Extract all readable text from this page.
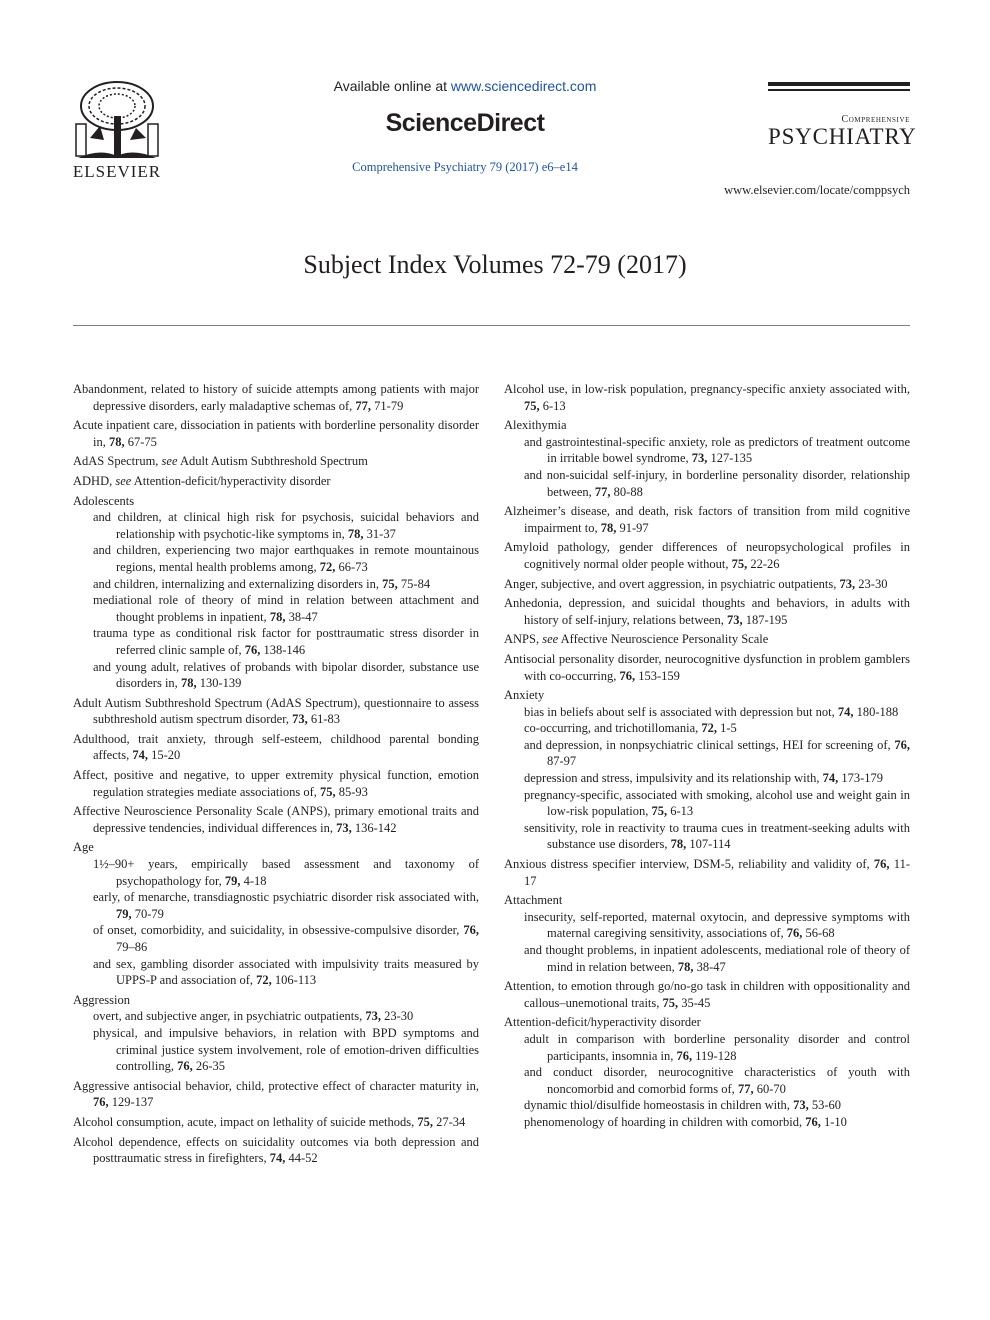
ELSEVIER
Available online at www.sciencedirect.com
ScienceDirect
Comprehensive Psychiatry 79 (2017) e6–e14
Comprehensive
PSYCHIATRY
www.elsevier.com/locate/comppsych
Subject Index Volumes 72-79 (2017)
Abandonment, related to history of suicide attempts among patients with major depressive disorders, early maladaptive schemas of, 77, 71-79
Acute inpatient care, dissociation in patients with borderline personality disorder in, 78, 67-75
AdAS Spectrum, see Adult Autism Subthreshold Spectrum
ADHD, see Attention-deficit/hyperactivity disorder
Adolescents
and children, at clinical high risk for psychosis, suicidal behaviors and relationship with psychotic-like symptoms in, 78, 31-37
and children, experiencing two major earthquakes in remote mountainous regions, mental health problems among, 72, 66-73
and children, internalizing and externalizing disorders in, 75, 75-84
mediational role of theory of mind in relation between attachment and thought problems in inpatient, 78, 38-47
trauma type as conditional risk factor for posttraumatic stress disorder in referred clinic sample of, 76, 138-146
and young adult, relatives of probands with bipolar disorder, substance use disorders in, 78, 130-139
Adult Autism Subthreshold Spectrum (AdAS Spectrum), questionnaire to assess subthreshold autism spectrum disorder, 73, 61-83
Adulthood, trait anxiety, through self-esteem, childhood parental bonding affects, 74, 15-20
Affect, positive and negative, to upper extremity physical function, emotion regulation strategies mediate associations of, 75, 85-93
Affective Neuroscience Personality Scale (ANPS), primary emotional traits and depressive tendencies, individual differences in, 73, 136-142
Age
1½–90+ years, empirically based assessment and taxonomy of psychopathology for, 79, 4-18
early, of menarche, transdiagnostic psychiatric disorder risk associated with, 79, 70-79
of onset, comorbidity, and suicidality, in obsessive-compulsive disorder, 76, 79–86
and sex, gambling disorder associated with impulsivity traits measured by UPPS-P and association of, 72, 106-113
Aggression
overt, and subjective anger, in psychiatric outpatients, 73, 23-30
physical, and impulsive behaviors, in relation with BPD symptoms and criminal justice system involvement, role of emotion-driven difficulties controlling, 76, 26-35
Aggressive antisocial behavior, child, protective effect of character maturity in, 76, 129-137
Alcohol consumption, acute, impact on lethality of suicide methods, 75, 27-34
Alcohol dependence, effects on suicidality outcomes via both depression and posttraumatic stress in firefighters, 74, 44-52
Alcohol use, in low-risk population, pregnancy-specific anxiety associated with, 75, 6-13
Alexithymia
and gastrointestinal-specific anxiety, role as predictors of treatment outcome in irritable bowel syndrome, 73, 127-135
and non-suicidal self-injury, in borderline personality disorder, relationship between, 77, 80-88
Alzheimer’s disease, and death, risk factors of transition from mild cognitive impairment to, 78, 91-97
Amyloid pathology, gender differences of neuropsychological profiles in cognitively normal older people without, 75, 22-26
Anger, subjective, and overt aggression, in psychiatric outpatients, 73, 23-30
Anhedonia, depression, and suicidal thoughts and behaviors, in adults with history of self-injury, relations between, 73, 187-195
ANPS, see Affective Neuroscience Personality Scale
Antisocial personality disorder, neurocognitive dysfunction in problem gamblers with co-occurring, 76, 153-159
Anxiety
bias in beliefs about self is associated with depression but not, 74, 180-188
co-occurring, and trichotillomania, 72, 1-5
and depression, in nonpsychiatric clinical settings, HEI for screening of, 76, 87-97
depression and stress, impulsivity and its relationship with, 74, 173-179
pregnancy-specific, associated with smoking, alcohol use and weight gain in low-risk population, 75, 6-13
sensitivity, role in reactivity to trauma cues in treatment-seeking adults with substance use disorders, 78, 107-114
Anxious distress specifier interview, DSM-5, reliability and validity of, 76, 11-17
Attachment
insecurity, self-reported, maternal oxytocin, and depressive symptoms with maternal caregiving sensitivity, associations of, 76, 56-68
and thought problems, in inpatient adolescents, mediational role of theory of mind in relation between, 78, 38-47
Attention, to emotion through go/no-go task in children with oppositionality and callous–unemotional traits, 75, 35-45
Attention-deficit/hyperactivity disorder
adult in comparison with borderline personality disorder and control participants, insomnia in, 76, 119-128
and conduct disorder, neurocognitive characteristics of youth with noncomorbid and comorbid forms of, 77, 60-70
dynamic thiol/disulfide homeostasis in children with, 73, 53-60
phenomenology of hoarding in children with comorbid, 76, 1-10
